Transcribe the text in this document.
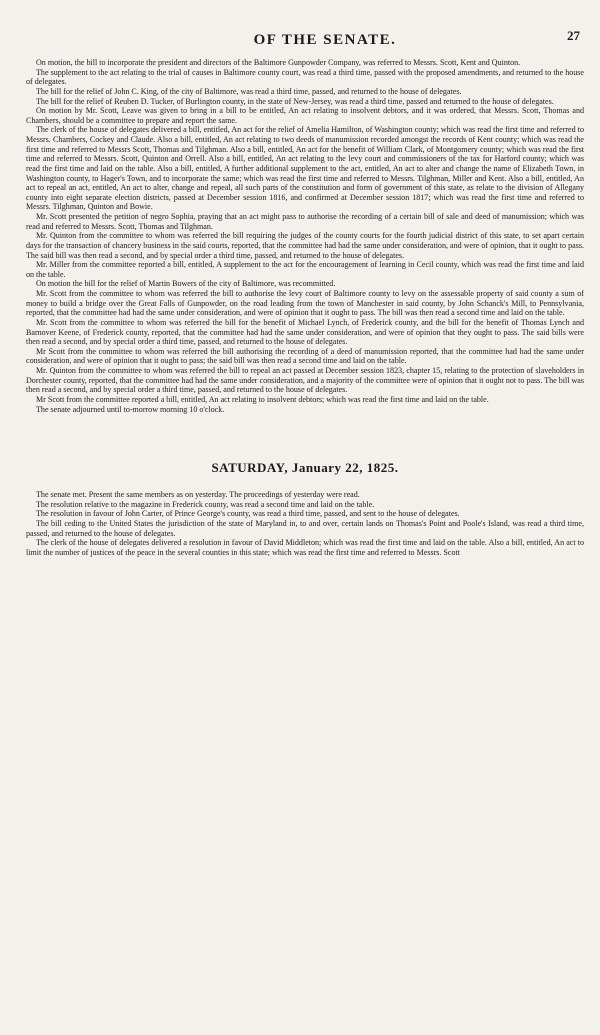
OF THE SENATE.	27

On motion, the bill to incorporate the president and directors of the Baltimore Gunpowder Company, was referred to Messrs. Scott, Kent and Quinton.

The supplement to the act relating to the trial of causes in Baltimore county court, was read a third time, passed with the proposed amendments, and returned to the house of delegates.

The bill for the relief of John C. King, of the city of Baltimore, was read a third time, passed, and returned to the house of delegates.

The bill for the relief of Reuben D. Tucker, of Burlington county, in the state of New-Jersey, was read a third time, passed and returned to the house of delegates.

On motion by Mr. Scott, Leave was given to bring in a bill to be entitled, An act relating to insolvent debtors, and it was ordered, that Messrs. Scott, Thomas and Chambers, should be a committee to prepare and report the same.

The clerk of the house of delegates delivered a bill, entitled, An act for the relief of Amelia Hamilton, of Washington county; which was read the first time and referred to Messrs. Chambers, Cockey and Claude. Also a bill, entitled, An act relating to two deeds of manumission recorded amongst the records of Kent county; which was read the first time and referred to Messrs Scott, Thomas and Tilghman. Also a bill, entitled, An act for the benefit of William Clark, of Montgomery county; which was read the first time and referred to Messrs. Scott, Quinton and Orrell. Also a bill, entitled, An act relating to the levy court and commissioners of the tax for Harford county; which was read the first time and laid on the table. Also a bill, entitled, A further additional supplement to the act, entitled, An act to alter and change the name of Elizabeth Town, in Washington county, to Hager's Town, and to incorporate the same; which was read the first time and referred to Messrs. Tilghman, Miller and Kent. Also a bill, entitled, An act to repeal an act, entitled, An act to alter, change and repeal, all such parts of the constitution and form of government of this state, as relate to the division of Allegany county into eight separate election districts, passed at December session 1816, and confirmed at December session 1817; which was read the first time and referred to Messrs. Tilghman, Quinton and Bowie.

Mr. Scott presented the petition of negro Sophia, praying that an act might pass to authorise the recording of a certain bill of sale and deed of manumission; which was read and referred to Messrs. Scott, Thomas and Tilghman.

Mr. Quinton from the committee to whom was referred the bill requiring the judges of the county courts for the fourth judicial district of this state, to set apart certain days for the transaction of chancery business in the said courts, reported, that the committee had had the same under consideration, and were of opinion, that it ought to pass. The said bill was then read a second, and by special order a third time, passed, and returned to the house of delegates.

Mr. Miller from the committee reported a bill, entitled, A supplement to the act for the encouragement of learning in Cecil county, which was read the first time and laid on the table.

On motion the bill for the relief of Martin Bowers of the city of Baltimore, was recommitted.

Mr. Scott from the committee to whom was referred the bill to authorise the levy court of Baltimore county to levy on the assessable property of said county a sum of money to build a bridge over the Great Falls of Gunpowder, on the road leading from the town of Manchester in said county, by John Schanck's Mill, to Pennsylvania, reported, that the committee had had the same under consideration, and were of opinion that it ought to pass. The bill was then read a second time and laid on the table.

Mr. Scott from the committee to whom was referred the bill for the benefit of Michael Lynch, of Frederick county, and the bill for the benefit of Thomas Lynch and Barnover Keene, of Frederick county, reported, that the committee had had the same under consideration, and were of opinion that they ought to pass. The said bills were then read a second, and by special order a third time, passed, and returned to the house of delegates.

Mr Scott from the committee to whom was referred the bill authorising the recording of a deed of manumission reported, that the committee had had the same under consideration, and were of opinion that it ought to pass; the said bill was then read a second time and laid on the table.

Mr. Quinton from the committee to whom was referred the bill to repeal an act passed at December session 1823, chapter 15, relating to the protection of slaveholders in Dorchester county, reported, that the committee had had the same under consideration, and a majority of the committee were of opinion that it ought not to pass. The bill was then read a second, and by special order a third time, passed, and returned to the house of delegates.

Mr Scott from the committee reported a bill, entitled, An act relating to insolvent debtors; which was read the first time and laid on the table.

The senate adjourned until to-morrow morning 10 o'clock.

SATURDAY, January 22, 1825.

The senate met. Present the same members as on yesterday. The proceedings of yesterday were read.

The resolution relative to the magazine in Frederick county, was read a second time and laid on the table.

The resolution in favour of John Carter, of Prince George's county, was read a third time, passed, and sent to the house of delegates.

The bill ceding to the United States the jurisdiction of the state of Maryland in, to and over, certain lands on Thomas's Point and Poole's Island, was read a third time, passed, and returned to the house of delegates.

The clerk of the house of delegates delivered a resolution in favour of David Middleton; which was read the first time and laid on the table. Also a bill, entitled, An act to limit the number of justices of the peace in the several counties in this state; which was read the first time and referred to Messrs. Scott
